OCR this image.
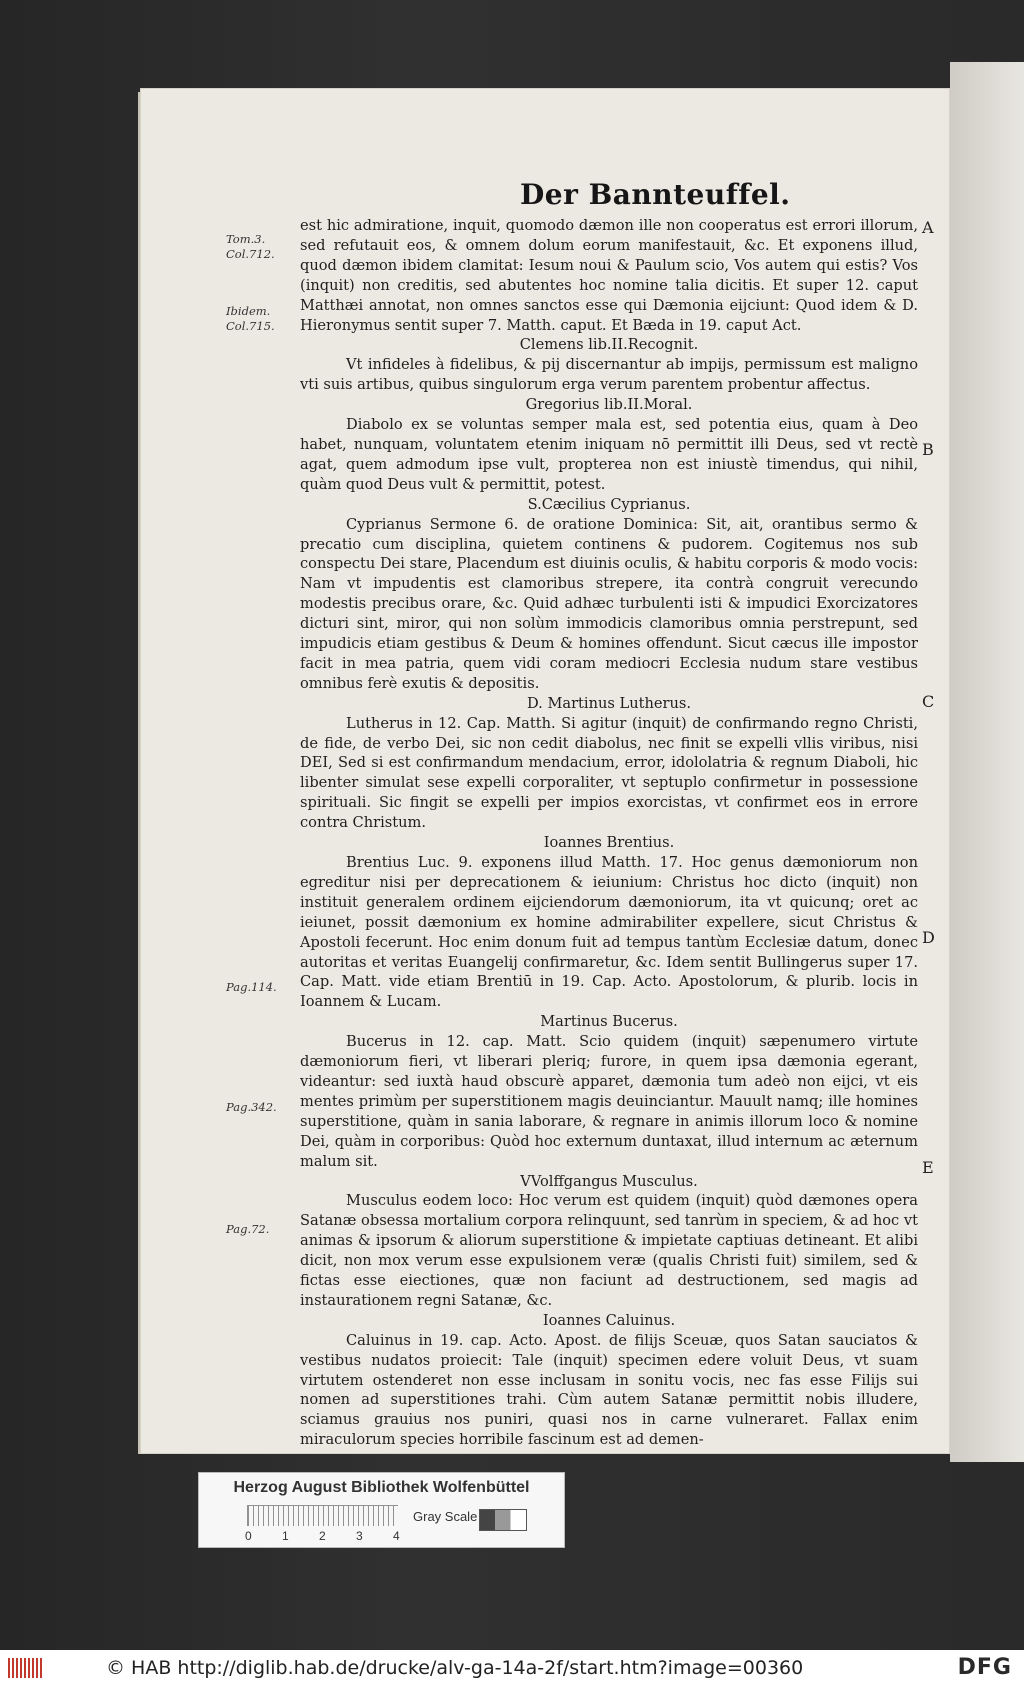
Der Bannteuffel.
Tom.3.
Col.712.
Ibidem.
Col.715.
Pag.114.
Pag.342.
Pag.72.
A
B
C
D
E

est hic admiratione, inquit, quomodo dæmon ille non cooperatus est errori illorum, sed refutauit eos, & omnem dolum eorum manifestauit, &c. Et exponens illud, quod dæmon ibidem clamitat: Iesum noui & Paulum scio, Vos autem qui estis? Vos (inquit) non creditis, sed abutentes hoc nomine talia dicitis. Et super 12. caput Matthæi annotat, non omnes sanctos esse qui Dæmonia eijciunt: Quod idem & D. Hieronymus sentit super 7. Matth. caput. Et Bæda in 19. caput Act.

Clemens lib.II.Recognit.

Vt infideles à fidelibus, & pij discernantur ab impijs, permissum est maligno vti suis artibus, quibus singulorum erga verum parentem probentur affectus.

Gregorius lib.II.Moral.

Diabolo ex se voluntas semper mala est, sed potentia eius, quam à Deo habet, nunquam, voluntatem etenim iniquam nō permittit illi Deus, sed vt rectè agat, quem admodum ipse vult, propterea non est iniustè timendus, qui nihil, quàm quod Deus vult & permittit, potest.

S.Cæcilius Cyprianus.

Cyprianus Sermone 6. de oratione Dominica: Sit, ait, orantibus sermo & precatio cum disciplina, quietem continens & pudorem. Cogitemus nos sub conspectu Dei stare, Placendum est diuinis oculis, & habitu corporis & modo vocis: Nam vt impudentis est clamoribus strepere, ita contrà congruit verecundo modestis precibus orare, &c. Quid adhæc turbulenti isti & impudici Exorcizatores dicturi sint, miror, qui non solùm immodicis clamoribus omnia perstrepunt, sed impudicis etiam gestibus & Deum & homines offendunt. Sicut cæcus ille impostor facit in mea patria, quem vidi coram mediocri Ecclesia nudum stare vestibus omnibus ferè exutis & depositis.

D. Martinus Lutherus.

Lutherus in 12. Cap. Matth. Si agitur (inquit) de confirmando regno Christi, de fide, de verbo Dei, sic non cedit diabolus, nec finit se expelli vllis viribus, nisi DEI, Sed si est confirmandum mendacium, error, idololatria & regnum Diaboli, hic libenter simulat sese expelli corporaliter, vt septuplo confirmetur in possessione spirituali. Sic fingit se expelli per impios exorcistas, vt confirmet eos in errore contra Christum.

Ioannes Brentius.

Brentius Luc. 9. exponens illud Matth. 17. Hoc genus dæmoniorum non egreditur nisi per deprecationem & ieiunium: Christus hoc dicto (inquit) non instituit generalem ordinem eijciendorum dæmoniorum, ita vt quicunq; oret ac ieiunet, possit dæmonium ex homine admirabiliter expellere, sicut Christus & Apostoli fecerunt. Hoc enim donum fuit ad tempus tantùm Ecclesiæ datum, donec autoritas et veritas Euangelij confirmaretur, &c. Idem sentit Bullingerus super 17. Cap. Matt. vide etiam Brentiū in 19. Cap. Acto. Apostolorum, & plurib. locis in Ioannem & Lucam.

Martinus Bucerus.

Bucerus in 12. cap. Matt. Scio quidem (inquit) sæpenumero virtute dæmoniorum fieri, vt liberari pleriq; furore, in quem ipsa dæmonia egerant, videantur: sed iuxtà haud obscurè apparet, dæmonia tum adeò non eijci, vt eis mentes primùm per superstitionem magis deuinciantur. Mauult namq; ille homines superstitione, quàm in sania laborare, & regnare in animis illorum loco & nomine Dei, quàm in corporibus: Quòd hoc externum duntaxat, illud internum ac æternum malum sit.

VVolffgangus Musculus.

Musculus eodem loco: Hoc verum est quidem (inquit) quòd dæmones opera Satanæ obsessa mortalium corpora relinquunt, sed tanrùm in speciem, & ad hoc vt animas & ipsorum & aliorum superstitione & impietate captiuas detineant. Et alibi dicit, non mox verum esse expulsionem veræ (qualis Christi fuit) similem, sed & fictas esse eiectiones, quæ non faciunt ad destructionem, sed magis ad instaurationem regni Satanæ, &c.

Ioannes Caluinus.

Caluinus in 19. cap. Acto. Apost. de filijs Sceuæ, quos Satan sauciatos & vestibus nudatos proiecit: Tale (inquit) specimen edere voluit Deus, vt suam virtutem ostenderet non esse inclusam in sonitu vocis, nec fas esse Filijs sui nomen ad superstitiones trahi. Cùm autem Satanæ permittit nobis illudere, sciamus grauius nos puniri, quasi nos in carne vulneraret. Fallax enim miraculorum species horribile fascinum est ad demen-

Herzog August Bibliothek Wolfenbüttel
0	1	2	3	4
Gray Scale
© HAB http://diglib.hab.de/drucke/alv-ga-14a-2f/start.htm?image=00360	DFG
